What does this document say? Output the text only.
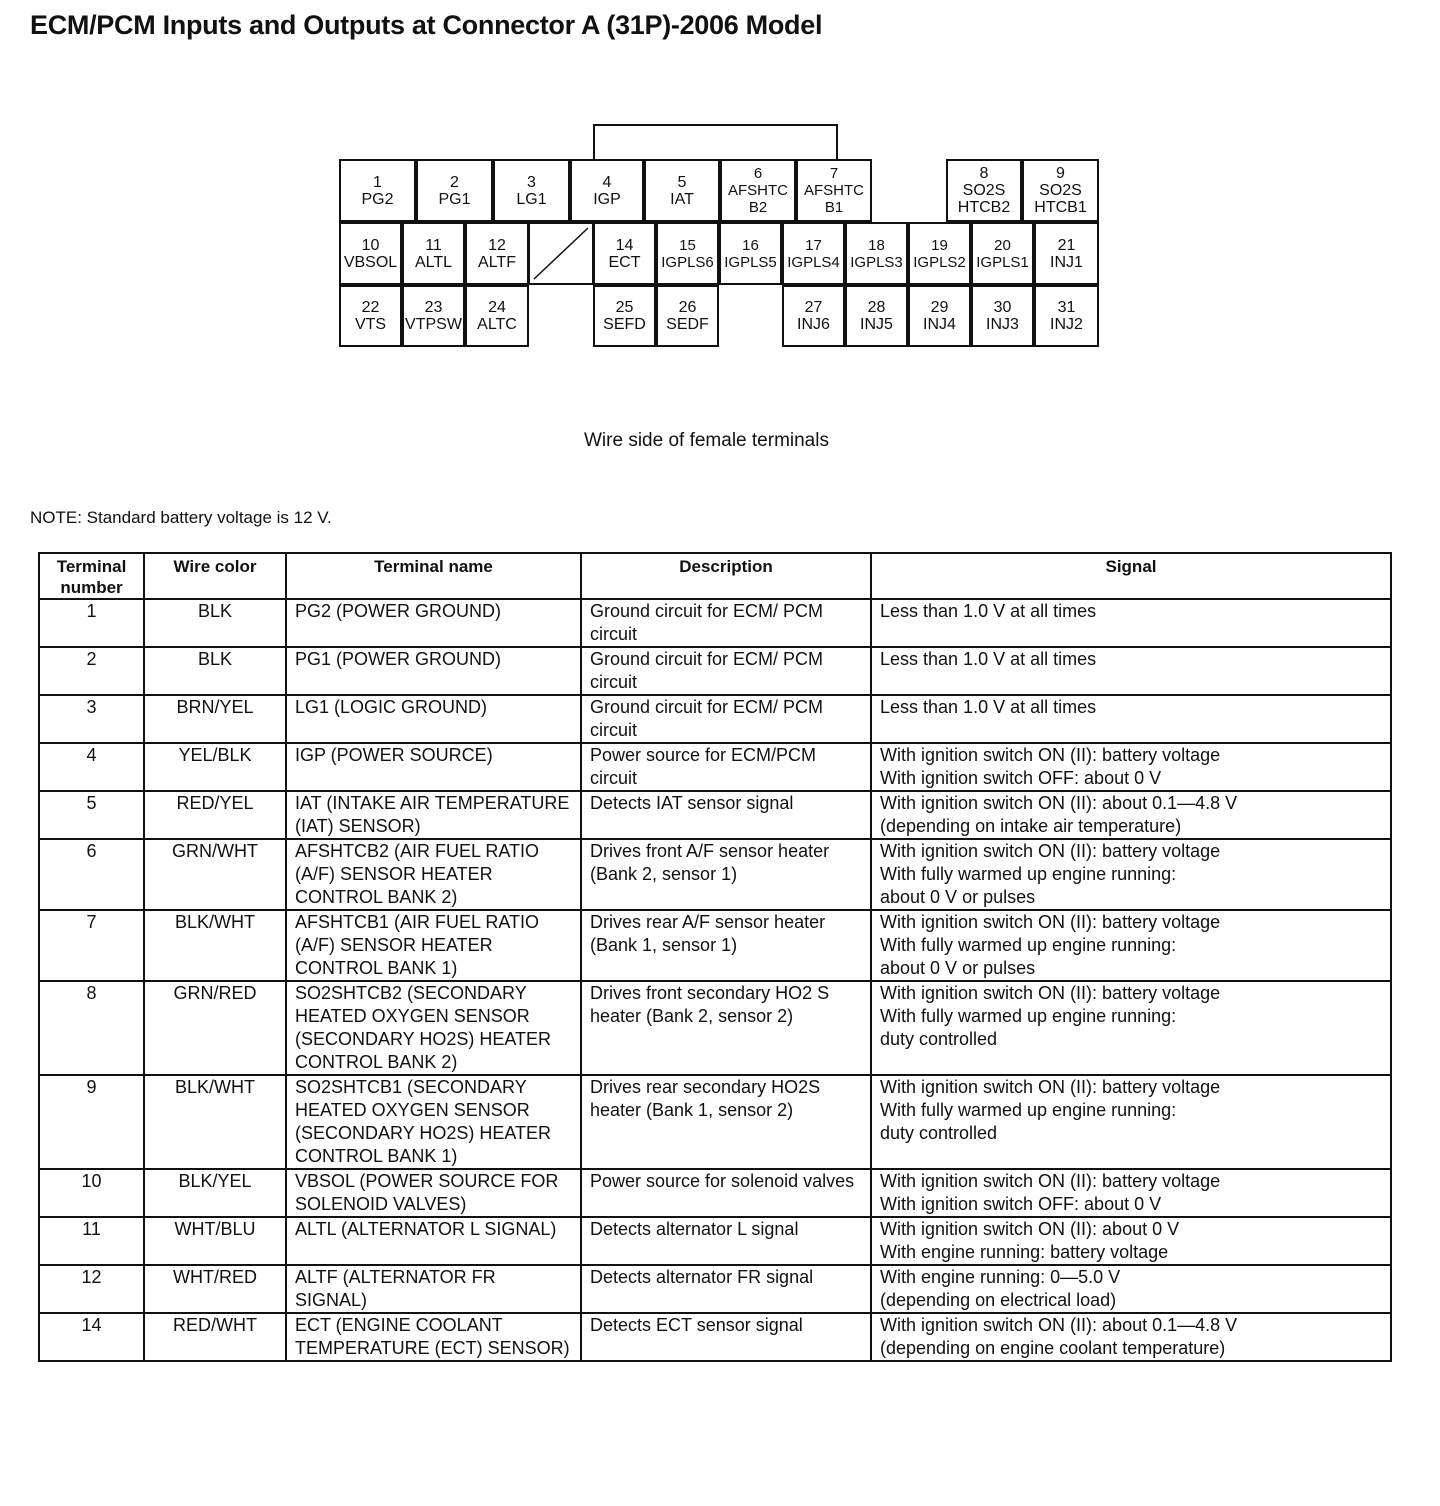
ECM/PCM Inputs and Outputs at Connector A (31P)-2006 Model
1
PG2
2
PG1
3
LG1
4
IGP
5
IAT
6
AFSHTC
B2
7
AFSHTC
B1
8
SO2S
HTCB2
9
SO2S
HTCB1
10
VBSOL
11
ALTL
12
ALTF
14
ECT
15
IGPLS6
16
IGPLS5
17
IGPLS4
18
IGPLS3
19
IGPLS2
20
IGPLS1
21
INJ1
22
VTS
23
VTPSW
24
ALTC
25
SEFD
26
SEDF
27
INJ6
28
INJ5
29
INJ4
30
INJ3
31
INJ2
Wire side of female terminals
NOTE: Standard battery voltage is 12 V.
Terminal number	Wire color	Terminal name	Description	Signal
1	BLK	PG2 (POWER GROUND)	Ground circuit for ECM/ PCM circuit	Less than 1.0 V at all times
2	BLK	PG1 (POWER GROUND)	Ground circuit for ECM/ PCM circuit	Less than 1.0 V at all times
3	BRN/YEL	LG1 (LOGIC GROUND)	Ground circuit for ECM/ PCM circuit	Less than 1.0 V at all times
4	YEL/BLK	IGP (POWER SOURCE)	Power source for ECM/PCM circuit	With ignition switch ON (II): battery voltage
With ignition switch OFF: about 0 V
5	RED/YEL	IAT (INTAKE AIR TEMPERATURE (IAT) SENSOR)	Detects IAT sensor signal	With ignition switch ON (II): about 0.1—4.8 V
(depending on intake air temperature)
6	GRN/WHT	AFSHTCB2 (AIR FUEL RATIO (A/F) SENSOR HEATER CONTROL BANK 2)	Drives front A/F sensor heater (Bank 2, sensor 1)	With ignition switch ON (II): battery voltage
With fully warmed up engine running:
about 0 V or pulses
7	BLK/WHT	AFSHTCB1 (AIR FUEL RATIO (A/F) SENSOR HEATER CONTROL BANK 1)	Drives rear A/F sensor heater (Bank 1, sensor 1)	With ignition switch ON (II): battery voltage
With fully warmed up engine running:
about 0 V or pulses
8	GRN/RED	SO2SHTCB2 (SECONDARY HEATED OXYGEN SENSOR (SECONDARY HO2S) HEATER CONTROL BANK 2)	Drives front secondary HO2 S heater (Bank 2, sensor 2)	With ignition switch ON (II): battery voltage
With fully warmed up engine running:
duty controlled
9	BLK/WHT	SO2SHTCB1 (SECONDARY HEATED OXYGEN SENSOR (SECONDARY HO2S) HEATER CONTROL BANK 1)	Drives rear secondary HO2S heater (Bank 1, sensor 2)	With ignition switch ON (II): battery voltage
With fully warmed up engine running:
duty controlled
10	BLK/YEL	VBSOL (POWER SOURCE FOR SOLENOID VALVES)	Power source for solenoid valves	With ignition switch ON (II): battery voltage
With ignition switch OFF: about 0 V
11	WHT/BLU	ALTL (ALTERNATOR L SIGNAL)	Detects alternator L signal	With ignition switch ON (II): about 0 V
With engine running: battery voltage
12	WHT/RED	ALTF (ALTERNATOR FR SIGNAL)	Detects alternator FR signal	With engine running: 0—5.0 V
(depending on electrical load)
14	RED/WHT	ECT (ENGINE COOLANT TEMPERATURE (ECT) SENSOR)	Detects ECT sensor signal	With ignition switch ON (II): about 0.1—4.8 V
(depending on engine coolant temperature)
